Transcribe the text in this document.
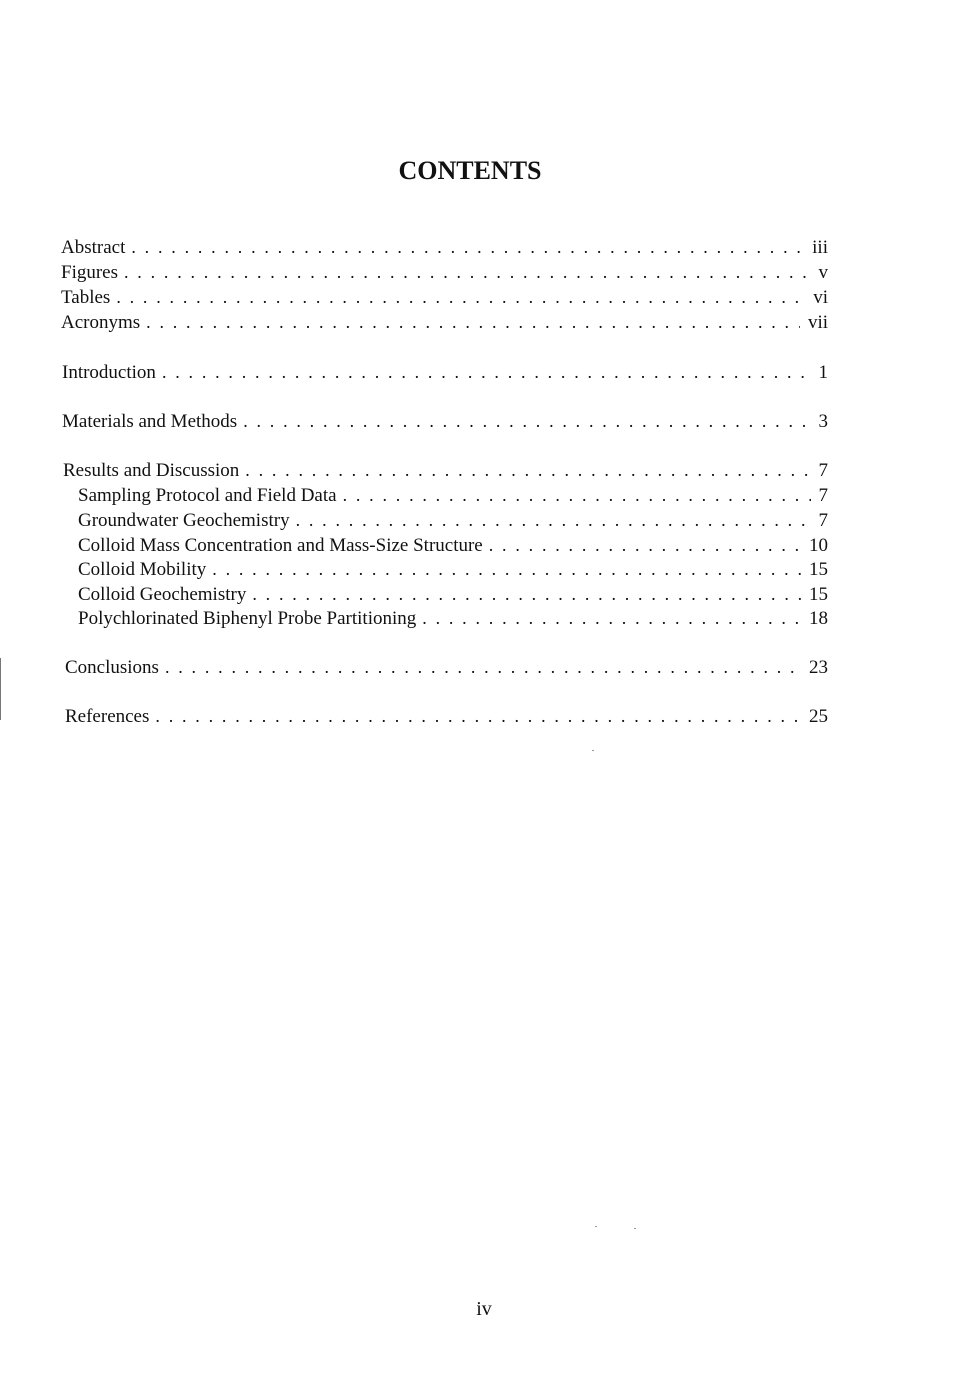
CONTENTS
Abstract . . .	iii
Figures . . .	v
Tables . . .	vi
Acronyms . . .	vii
Introduction . . .	1
Materials and Methods . . .	3
Results and Discussion . . .	7
Sampling Protocol and Field Data . . .	7
Groundwater Geochemistry . . .	7
Colloid Mass Concentration and Mass-Size Structure . . .	10
Colloid Mobility . . .	15
Colloid Geochemistry . . .	15
Polychlorinated Biphenyl Probe Partitioning . . .	18
Conclusions . . .	23
References . . .	25
iv
